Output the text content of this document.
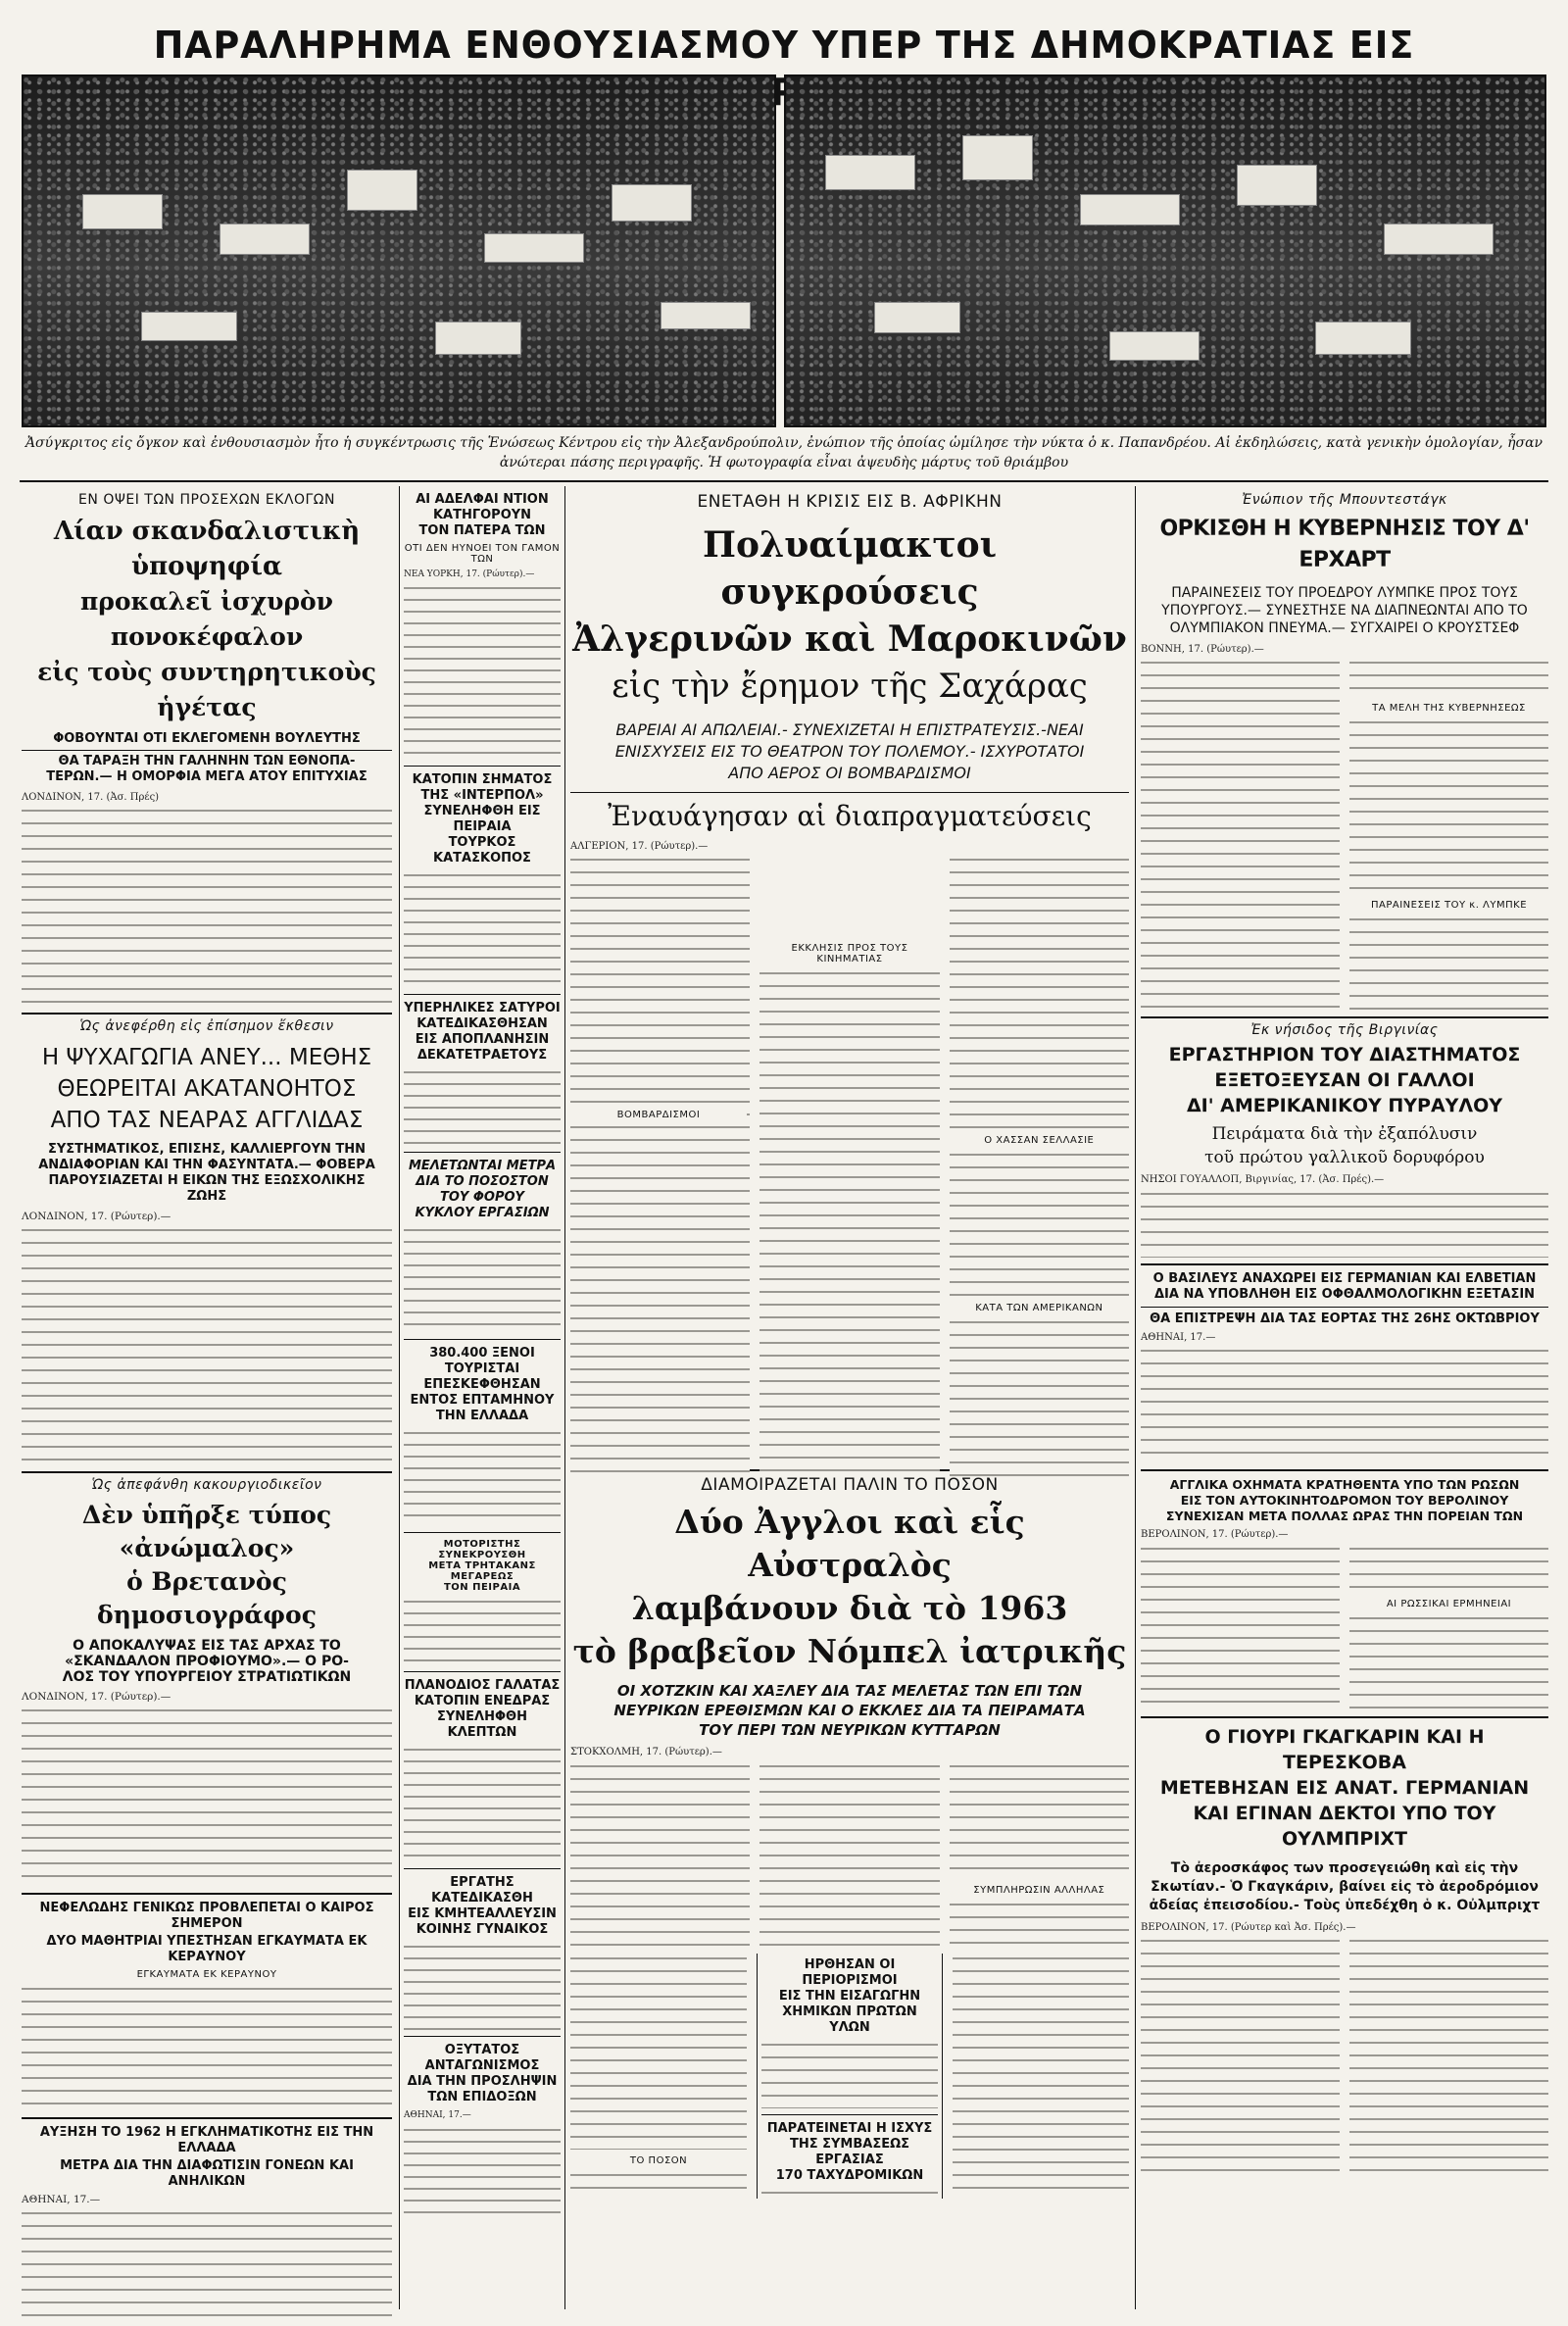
ΠΑΡΑΛΗΡΗΜΑ ΕΝΘΟΥΣΙΑΣΜΟΥ ΥΠΕΡ ΤΗΣ ΔΗΜΟΚΡΑΤΙΑΣ ΕΙΣ
Ἀσύγκριτος εἰς ὄγκον καὶ ἐνθουσιασμὸν ἦτο ἡ συγκέντρωσις τῆς Ἑνώσεως Κέντρου εἰς τὴν Ἀλεξανδρούπολιν, ἐνώπιον τῆς ὁποίας ὡμίλησε τὴν νύκτα ὁ κ. Παπανδρέου. Αἱ ἐκδηλώσεις, κατὰ γενικὴν ὁμολογίαν, ἦσαν ἀνώτεραι πάσης περιγραφῆς. Ἡ φωτογραφία εἶναι ἀψευδὴς μάρτυς τοῦ θριάμβου
ΕΝ ΟΨΕΙ ΤΩΝ ΠΡΟΣΕΧΩΝ ΕΚΛΟΓΩΝ
Λίαν σκανδαλιστικὴ ὑποψηφία
προκαλεῖ ἰσχυρὸν πονοκέφαλον
εἰς τοὺς συντηρητικοὺς ἡγέτας
ΦΟΒΟΥΝΤΑΙ ΟΤΙ ΕΚΛΕΓΟΜΕΝΗ ΒΟΥΛΕΥΤΗΣ
ΘΑ ΤΑΡΑΞΗ ΤΗΝ ΓΑΛΗΝΗΝ ΤΩΝ ΕΘΝΟΠΑ-
ΤΕΡΩΝ.— Η ΟΜΟΡΦΙΑ ΜΕΓΑ ΑΤΟΥ ΕΠΙΤΥΧΙΑΣ
ΛΟΝΔΙΝΟΝ, 17. (Ἀσ. Πρές)
Ὡς ἀνεφέρθη εἰς ἐπίσημον ἔκθεσιν
Η ΨΥΧΑΓΩΓΙΑ ΑΝΕΥ... ΜΕΘΗΣ
ΘΕΩΡΕΙΤΑΙ ΑΚΑΤΑΝΟΗΤΟΣ
ΑΠΟ ΤΑΣ ΝΕΑΡΑΣ ΑΓΓΛΙΔΑΣ
ΣΥΣΤΗΜΑΤΙΚΟΣ, ΕΠΙΣΗΣ, ΚΑΛΛΙΕΡΓΟΥΝ ΤΗΝ ΑΝΔΙΑΦΟΡΙΑΝ ΚΑΙ ΤΗΝ ΦΑΣΥΝΤΑΤΑ.— ΦΟΒΕΡΑ ΠΑΡΟΥΣΙΑΖΕΤΑΙ Η ΕΙΚΩΝ ΤΗΣ ΕΞΩΣΧΟΛΙΚΗΣ ΖΩΗΣ
ΛΟΝΔΙΝΟΝ, 17. (Ρώυτερ).—
Ὡς ἀπεφάνθη κακουργιοδικεῖον
Δὲν ὑπῆρξε τύπος «ἀνώμαλος»
ὁ Βρετανὸς δημοσιογράφος
Ο ΑΠΟΚΑΛΥΨΑΣ ΕΙΣ ΤΑΣ ΑΡΧΑΣ ΤΟ
«ΣΚΑΝΔΑΛΟΝ ΠΡΟΦΙΟΥΜΟ».— Ο ΡΟ-
ΛΟΣ ΤΟΥ ΥΠΟΥΡΓΕΙΟΥ ΣΤΡΑΤΙΩΤΙΚΩΝ
ΛΟΝΔΙΝΟΝ, 17. (Ρώυτερ).—
ΝΕΦΕΛΩΔΗΣ ΓΕΝΙΚΩΣ ΠΡΟΒΛΕΠΕΤΑΙ Ο ΚΑΙΡΟΣ ΣΗΜΕΡΟΝ
ΔΥΟ ΜΑΘΗΤΡΙΑΙ ΥΠΕΣΤΗΣΑΝ ΕΓΚΑΥΜΑΤΑ ΕΚ ΚΕΡΑΥΝΟΥ
ΕΓΚΑΥΜΑΤΑ ΕΚ ΚΕΡΑΥΝΟΥ
ΑΥΞΗΣΗ ΤΟ 1962 Η ΕΓΚΛΗΜΑΤΙΚΟΤΗΣ ΕΙΣ ΤΗΝ ΕΛΛΑΔΑ
ΜΕΤΡΑ ΔΙΑ ΤΗΝ ΔΙΑΦΩΤΙΣΙΝ ΓΟΝΕΩΝ ΚΑΙ ΑΝΗΛΙΚΩΝ
ΑΘΗΝΑΙ, 17.—
ΑΙ ΑΔΕΛΦΑΙ ΝΤΙΟΝ
ΚΑΤΗΓΟΡΟΥΝ
ΤΟΝ ΠΑΤΕΡΑ ΤΩΝ
ΟΤΙ ΔΕΝ ΗΥΝΟΕΙ ΤΟΝ ΓΑΜΟΝ ΤΩΝ
ΝΕΑ ΥΟΡΚΗ, 17. (Ρώυτερ).—
ΚΑΤΟΠΙΝ ΣΗΜΑΤΟΣ
ΤΗΣ «ΙΝΤΕΡΠΟΛ»
ΣΥΝΕΛΗΦΘΗ ΕΙΣ ΠΕΙΡΑΙΑ
ΤΟΥΡΚΟΣ ΚΑΤΑΣΚΟΠΟΣ
ΥΠΕΡΗΛΙΚΕΣ ΣΑΤΥΡΟΙ
ΚΑΤΕΔΙΚΑΣΘΗΣΑΝ
ΕΙΣ ΑΠΟΠΛΑΝΗΣΙΝ
ΔΕΚΑΤΕΤΡΑΕΤΟΥΣ
ΜΕΛΕΤΩΝΤΑΙ ΜΕΤΡΑ
ΔΙΑ ΤΟ ΠΟΣΟΣΤΟΝ
ΤΟΥ ΦΟΡΟΥ
ΚΥΚΛΟΥ ΕΡΓΑΣΙΩΝ
380.400 ΞΕΝΟΙ ΤΟΥΡΙΣΤΑΙ
ΕΠΕΣΚΕΦΘΗΣΑΝ
ΕΝΤΟΣ ΕΠΤΑΜΗΝΟΥ
ΤΗΝ ΕΛΛΑΔΑ
ΜΟΤΟΡΙΣΤΗΣ ΣΥΝΕΚΡΟΥΣΘΗ
ΜΕΤΑ ΤΡΗΤΑΚΑΝΣ ΜΕΓΑΡΕΩΣ
ΤΟΝ ΠΕΙΡΑΙΑ
ΠΛΑΝΟΔΙΟΣ ΓΑΛΑΤΑΣ
ΚΑΤΟΠΙΝ ΕΝΕΔΡΑΣ
ΣΥΝΕΛΗΦΘΗ ΚΛΕΠΤΩΝ
ΕΡΓΑΤΗΣ ΚΑΤΕΔΙΚΑΣΘΗ
ΕΙΣ ΚΜΗΤΕΑΛΛΕΥΣΙΝ
ΚΟΙΝΗΣ ΓΥΝΑΙΚΟΣ
ΟΞΥΤΑΤΟΣ ΑΝΤΑΓΩΝΙΣΜΟΣ
ΔΙΑ ΤΗΝ ΠΡΟΣΛΗΨΙΝ
ΤΩΝ ΕΠΙΔΟΞΩΝ
ΑΘΗΝΑΙ, 17.—
ΕΝΕΤΑΘΗ Η ΚΡΙΣΙΣ ΕΙΣ Β. ΑΦΡΙΚΗΝ
Πολυαίμακτοι συγκρούσεις
Ἀλγερινῶν καὶ Μαροκινῶν
εἰς τὴν ἔρημον τῆς Σαχάρας
ΒΑΡΕΙΑΙ ΑΙ ΑΠΩΛΕΙΑΙ.- ΣΥΝΕΧΙΖΕΤΑΙ Η ΕΠΙΣΤΡΑΤΕΥΣΙΣ.-ΝΕΑΙ ΕΝΙΣΧΥΣΕΙΣ ΕΙΣ ΤΟ ΘΕΑΤΡΟΝ ΤΟΥ ΠΟΛΕΜΟΥ.- ΙΣΧΥΡΟΤΑΤΟΙ ΑΠΟ ΑΕΡΟΣ ΟΙ ΒΟΜΒΑΡΔΙΣΜΟΙ
Ἐναυάγησαν αἱ διαπραγματεύσεις
ΑΛΓΕΡΙΟΝ, 17. (Ρώυτερ).—
ΕΚΚΛΗΣΙΣ ΠΡΟΣ ΤΟΥΣ ΚΙΝΗΜΑΤΙΑΣ
Ο ΧΑΣΣΑΝ ΣΕΛΛΑΣΙΕ
ΚΑΤΑ ΤΩΝ ΑΜΕΡΙΚΑΝΩΝ
ΒΟΜΒΑΡΔΙΣΜΟΙ
ΔΙΑΜΟΙΡΑΖΕΤΑΙ ΠΑΛΙΝ ΤΟ ΠΟΣΟΝ
Δύο Ἀγγλοι καὶ εἷς Αὐστραλὸς
λαμβάνουν διὰ τὸ 1963
τὸ βραβεῖον Νόμπελ ἰατρικῆς
ΟΙ ΧΟΤΖΚΙΝ ΚΑΙ ΧΑΞΛΕΥ ΔΙΑ ΤΑΣ ΜΕΛΕΤΑΣ ΤΩΝ ΕΠΙ ΤΩΝ ΝΕΥΡΙΚΩΝ ΕΡΕΘΙΣΜΩΝ ΚΑΙ Ο ΕΚΚΛΕΣ ΔΙΑ ΤΑ ΠΕΙΡΑΜΑΤΑ ΤΟΥ ΠΕΡΙ ΤΩΝ ΝΕΥΡΙΚΩΝ ΚΥΤΤΑΡΩΝ
ΣΤΟΚΧΟΛΜΗ, 17. (Ρώυτερ).—
ΣΥΜΠΛΗΡΩΣΙΝ ΑΛΛΗΛΑΣ
ΤΟ ΠΟΣΟΝ
ΗΡΘΗΣΑΝ ΟΙ ΠΕΡΙΟΡΙΣΜΟΙ
ΕΙΣ ΤΗΝ ΕΙΣΑΓΩΓΗΝ
ΧΗΜΙΚΩΝ ΠΡΩΤΩΝ ΥΛΩΝ
ΠΑΡΑΤΕΙΝΕΤΑΙ Η ΙΣΧΥΣ
ΤΗΣ ΣΥΜΒΑΣΕΩΣ ΕΡΓΑΣΙΑΣ
170 ΤΑΧΥΔΡΟΜΙΚΩΝ
Ἐνώπιον τῆς Μπουντεστάγκ
ΟΡΚΙΣΘΗ Η ΚΥΒΕΡΝΗΣΙΣ ΤΟΥ Δ' ΕΡΧΑΡΤ
ΠΑΡΑΙΝΕΣΕΙΣ ΤΟΥ ΠΡΟΕΔΡΟΥ ΛΥΜΠΚΕ ΠΡΟΣ ΤΟΥΣ ΥΠΟΥΡΓΟΥΣ.— ΣΥΝΕΣΤΗΣΕ ΝΑ ΔΙΑΠΝΕΩΝΤΑΙ ΑΠΟ ΤΟ ΟΛΥΜΠΙΑΚΟΝ ΠΝΕΥΜΑ.— ΣΥΓΧΑΙΡΕΙ Ο ΚΡΟΥΣΤΣΕΦ
ΒΟΝΝΗ, 17. (Ρώυτερ).—
ΤΑ ΜΕΛΗ ΤΗΣ ΚΥΒΕΡΝΗΣΕΩΣ
ΠΑΡΑΙΝΕΣΕΙΣ ΤΟΥ κ. ΛΥΜΠΚΕ
Ἐκ νήσιδος τῆς Βιργινίας
ΕΡΓΑΣΤΗΡΙΟΝ ΤΟΥ ΔΙΑΣΤΗΜΑΤΟΣ
ΕΞΕΤΟΞΕΥΣΑΝ ΟΙ ΓΑΛΛΟΙ
ΔΙ' ΑΜΕΡΙΚΑΝΙΚΟΥ ΠΥΡΑΥΛΟΥ
Πειράματα διὰ τὴν ἐξαπόλυσιν
τοῦ πρώτου γαλλικοῦ δορυφόρου
ΝΗΣΟΙ ΓΟΥΑΛΛΟΠ, Βιργινίας, 17. (Ἀσ. Πρές).—
Ο ΒΑΣΙΛΕΥΣ ΑΝΑΧΩΡΕΙ ΕΙΣ ΓΕΡΜΑΝΙΑΝ ΚΑΙ ΕΛΒΕΤΙΑΝ
ΔΙΑ ΝΑ ΥΠΟΒΛΗΘΗ ΕΙΣ ΟΦΘΑΛΜΟΛΟΓΙΚΗΝ ΕΞΕΤΑΣΙΝ
ΘΑ ΕΠΙΣΤΡΕΨΗ ΔΙΑ ΤΑΣ ΕΟΡΤΑΣ ΤΗΣ 26ΗΣ ΟΚΤΩΒΡΙΟΥ
ΑΘΗΝΑΙ, 17.—
ΑΓΓΛΙΚΑ ΟΧΗΜΑΤΑ ΚΡΑΤΗΘΕΝΤΑ ΥΠΟ ΤΩΝ ΡΩΣΩΝ
ΕΙΣ ΤΟΝ ΑΥΤΟΚΙΝΗΤΟΔΡΟΜΟΝ ΤΟΥ ΒΕΡΟΛΙΝΟΥ
ΣΥΝΕΧΙΣΑΝ ΜΕΤΑ ΠΟΛΛΑΣ ΩΡΑΣ ΤΗΝ ΠΟΡΕΙΑΝ ΤΩΝ
ΒΕΡΟΛΙΝΟΝ, 17. (Ρώυτερ).—
ΑΙ ΡΩΣΣΙΚΑΙ ΕΡΜΗΝΕΙΑΙ
Ο ΓΙΟΥΡΙ ΓΚΑΓΚΑΡΙΝ ΚΑΙ Η ΤΕΡΕΣΚΟΒΑ
ΜΕΤΕΒΗΣΑΝ ΕΙΣ ΑΝΑΤ. ΓΕΡΜΑΝΙΑΝ
ΚΑΙ ΕΓΙΝΑΝ ΔΕΚΤΟΙ ΥΠΟ ΤΟΥ ΟΥΛΜΠΡΙΧΤ
Τὸ ἀεροσκάφος των προσεγειώθη καὶ εἰς τὴν Σκωτίαν.- Ὁ Γκαγκάριν, βαίνει εἰς τὸ ἀεροδρόμιον ἀδείας ἐπεισοδίου.- Τοὺς ὑπεδέχθη ὁ κ. Οὐλμπριχτ
ΒΕΡΟΛΙΝΟΝ, 17. (Ρώυτερ καὶ Ἀσ. Πρές).—
